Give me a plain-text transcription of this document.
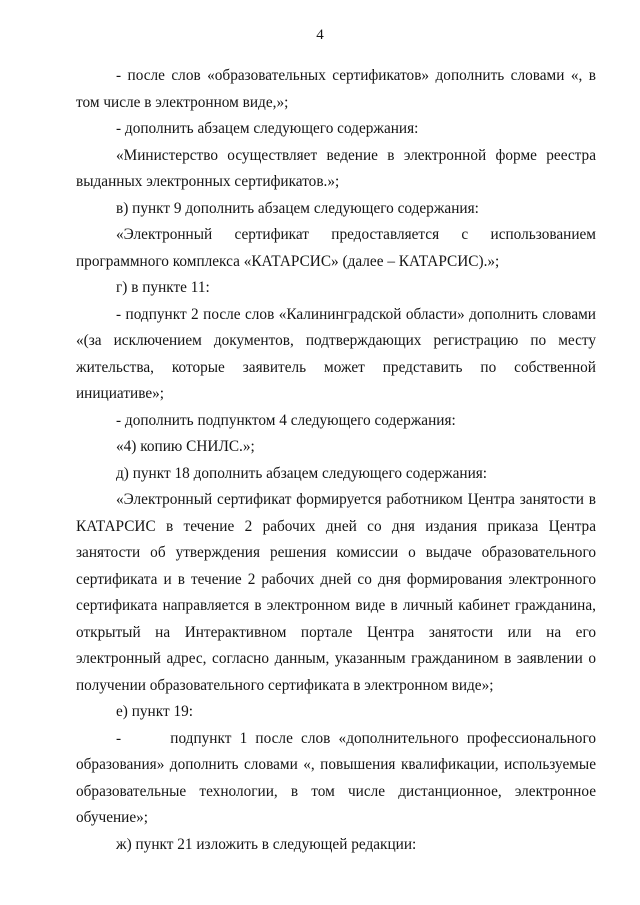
4

- после слов «образовательных сертификатов» дополнить словами «, в том числе в электронном виде,»;

- дополнить абзацем следующего содержания:

«Министерство осуществляет ведение в электронной форме реестра выданных электронных сертификатов.»;

в) пункт 9 дополнить абзацем следующего содержания:

«Электронный сертификат предоставляется с использованием программного комплекса «КАТАРСИС» (далее – КАТАРСИС).»;

г) в пункте 11:

- подпункт 2 после слов «Калининградской области» дополнить словами «(за исключением документов, подтверждающих регистрацию по месту жительства, которые заявитель может представить по собственной инициативе»;

- дополнить подпунктом 4 следующего содержания:

«4) копию СНИЛС.»;

д) пункт 18 дополнить абзацем следующего содержания:

«Электронный сертификат формируется работником Центра занятости в КАТАРСИС в течение 2 рабочих дней со дня издания приказа Центра занятости об утверждения решения комиссии о выдаче образовательного сертификата и в течение 2 рабочих дней со дня формирования электронного сертификата направляется в электронном виде в личный кабинет гражданина, открытый на Интерактивном портале Центра занятости или на его электронный адрес, согласно данным, указанным гражданином в заявлении о получении образовательного сертификата в электронном виде»;

е) пункт 19:

-      подпункт 1 после слов «дополнительного профессионального образования» дополнить словами «, повышения квалификации, используемые образовательные технологии, в том числе дистанционное, электронное обучение»;

ж) пункт 21 изложить в следующей редакции:
